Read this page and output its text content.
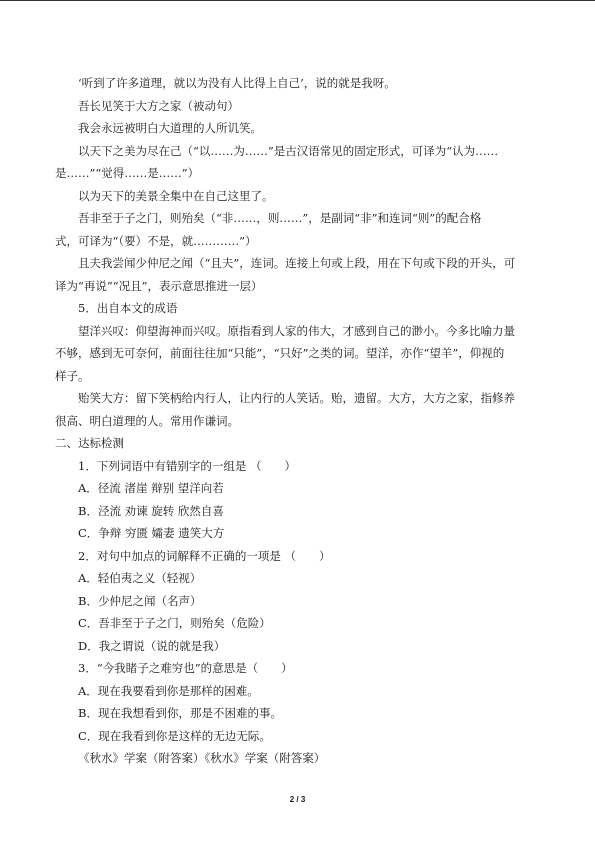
‘听到了许多道理，就以为没有人比得上自己’，说的就是我呀。
吾长见笑于大方之家（被动句）
我会永远被明白大道理的人所讥笑。
以天下之美为尽在己（“以……为……”是古汉语常见的固定形式，可译为“认为……
是……”“觉得……是……”）
以为天下的美景全集中在自己这里了。
吾非至于子之门，则殆矣（“非……，则……”，是副词“非”和连词“则”的配合格
式，可译为“（要）不是，就…………”）
且夫我尝闻少仲尼之闻（“且夫”，连词。连接上句或上段，用在下句或下段的开头，可
译为“再说”“况且”，表示意思推进一层）
5．出自本文的成语
望洋兴叹：仰望海神而兴叹。原指看到人家的伟大，才感到自己的渺小。今多比喻力量
不够，感到无可奈何，前面往往加“只能”，“只好”之类的词。望洋，亦作“望羊”，仰视的
样子。
贻笑大方：留下笑柄给内行人，让内行的人笑话。贻，遗留。大方，大方之家，指修养
很高、明白道理的人。常用作谦词。
二、达标检测
1．下列词语中有错别字的一组是 （　　）
A．径流 渚崖 辩别 望洋向若
B．泾流 劝谏 旋转 欣然自喜
C．争辩 穷匮 孀妻 遗笑大方
2．对句中加点的词解释不正确的一项是 （　　）
A．轻伯夷之义（轻视）
B．少仲尼之闻（名声）
C．吾非至于子之门，则殆矣（危险）
D．我之谓说（说的就是我）
3．“今我睹子之难穷也”的意思是（　　）
A．现在我要看到你是那样的困难。
B．现在我想看到你，那是不困难的事。
C．现在我看到你是这样的无边无际。
《秋水》学案（附答案）《秋水》学案（附答案）
2 / 3
